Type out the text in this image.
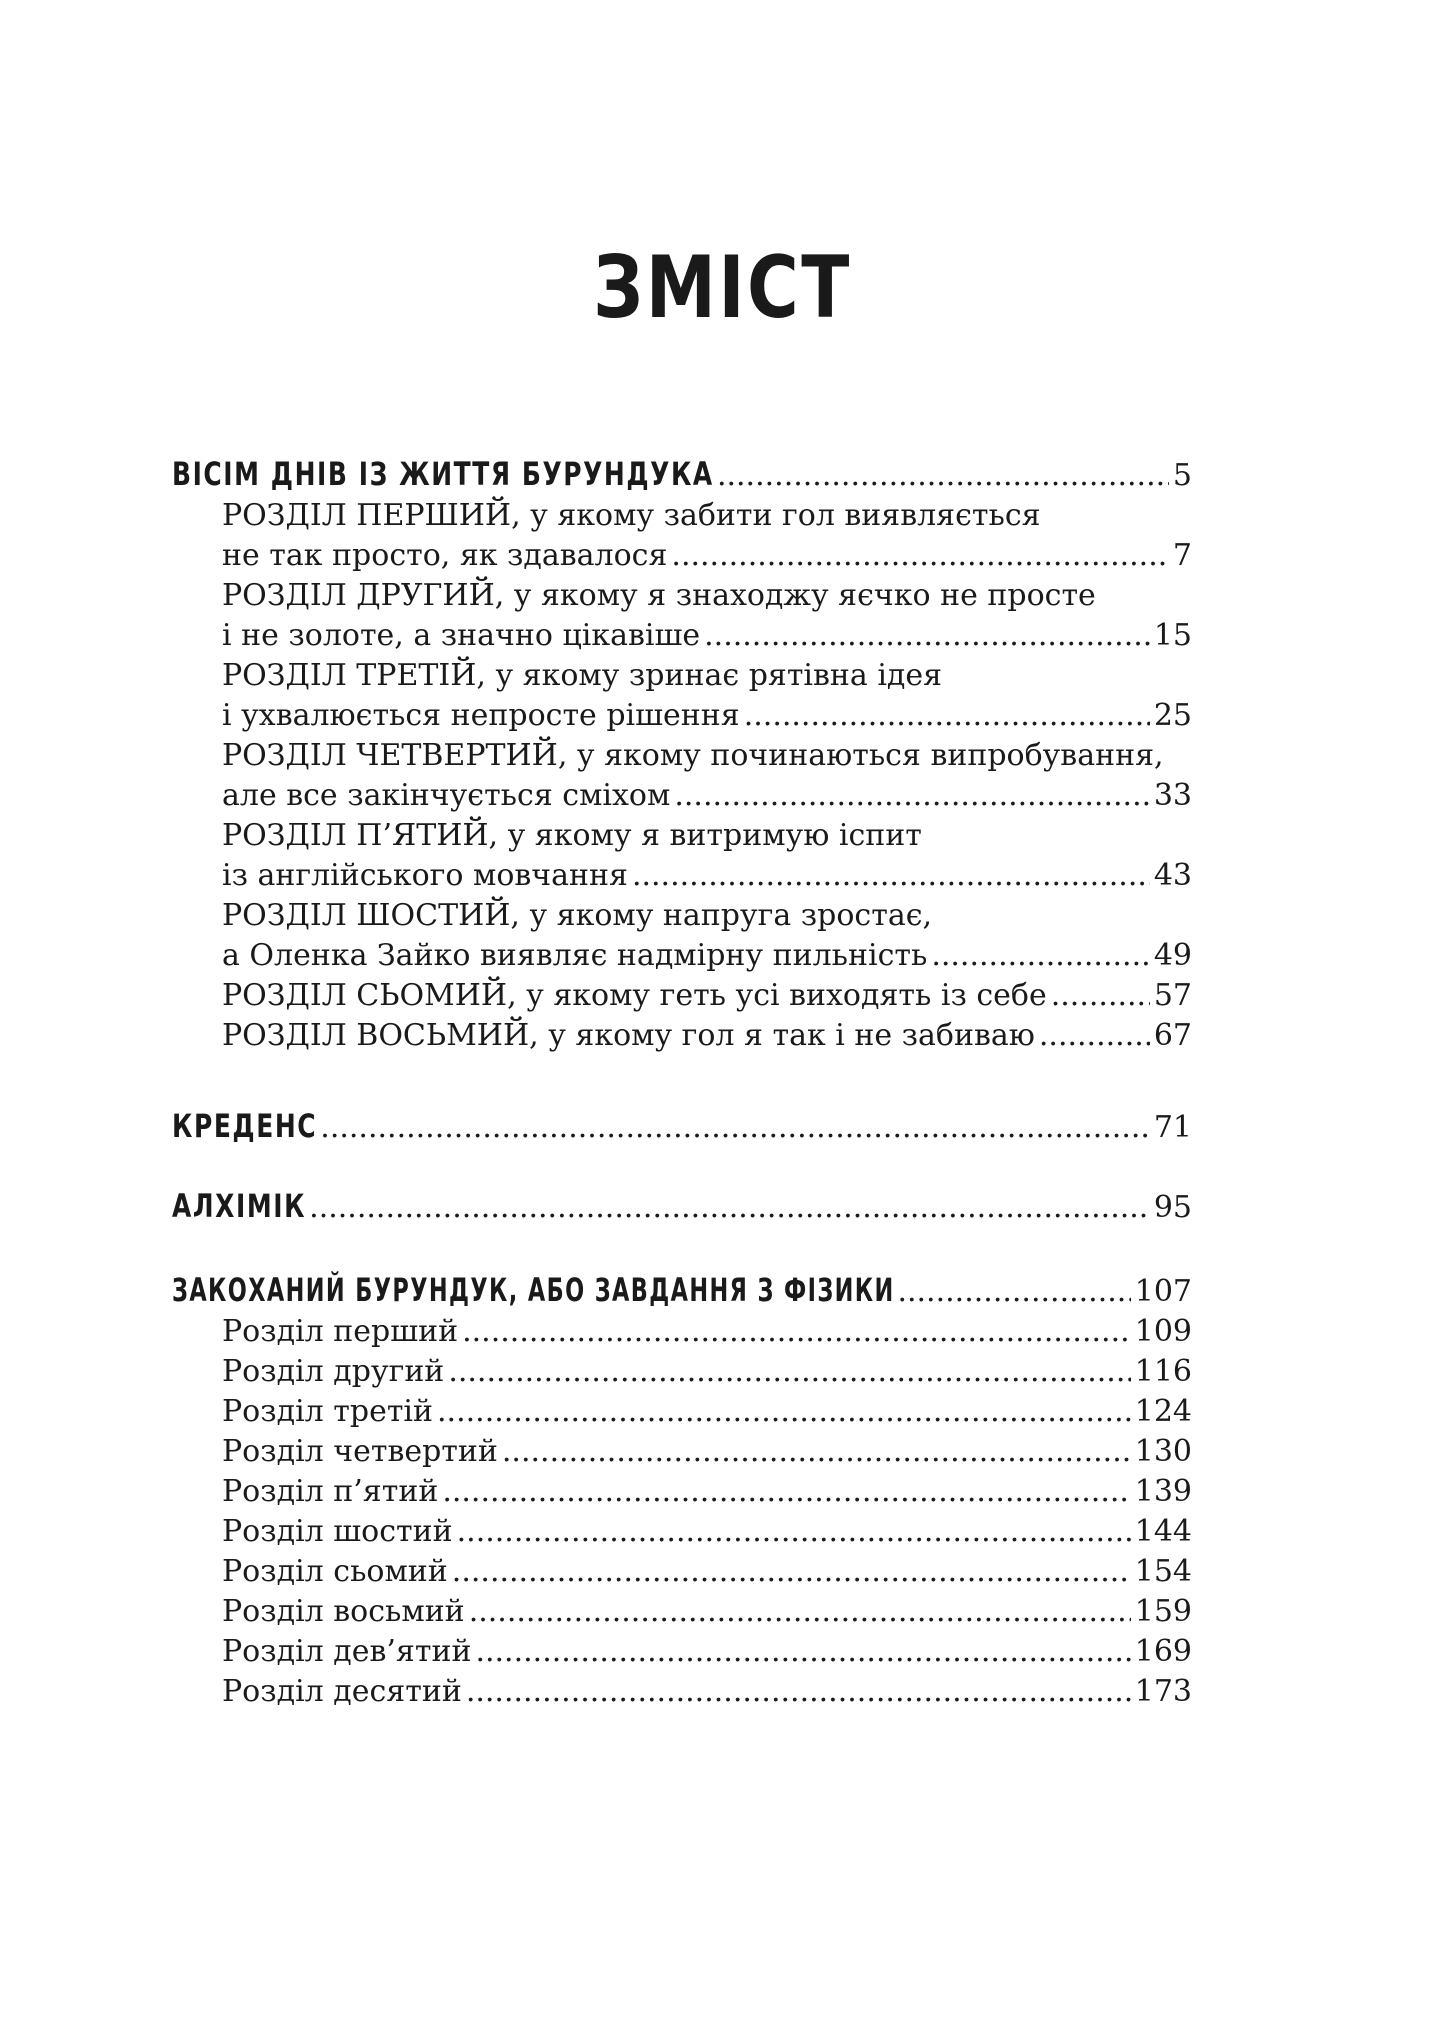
ЗМІСТ
ВІСІМ ДНІВ ІЗ ЖИТТЯ БУРУНДУКА .....	5
РОЗДІЛ ПЕРШИЙ, у якому забити гол виявляється
не так просто, як здавалося .....	7
РОЗДІЛ ДРУГИЙ, у якому я знаходжу яєчко не просте
і не золоте, а значно цікавіше .....	15
РОЗДІЛ ТРЕТІЙ, у якому зринає рятівна ідея
і ухвалюється непросте рішення .....	25
РОЗДІЛ ЧЕТВЕРТИЙ, у якому починаються випробування,
але все закінчується сміхом .....	33
РОЗДІЛ П’ЯТИЙ, у якому я витримую іспит
із англійського мовчання .....	43
РОЗДІЛ ШОСТИЙ, у якому напруга зростає,
а Оленка Зайко виявляє надмірну пильність .....	49
РОЗДІЛ СЬОМИЙ, у якому геть усі виходять із себе .....	57
РОЗДІЛ ВОСЬМИЙ, у якому гол я так і не забиваю .....	67
КРЕДЕНС .....	71
АЛХІМІК .....	95
ЗАКОХАНИЙ БУРУНДУК, АБО ЗАВДАННЯ З ФІЗИКИ .....	107
Розділ перший .....	109
Розділ другий .....	116
Розділ третій .....	124
Розділ четвертий .....	130
Розділ п’ятий .....	139
Розділ шостий .....	144
Розділ сьомий .....	154
Розділ восьмий .....	159
Розділ дев’ятий .....	169
Розділ десятий .....	173
